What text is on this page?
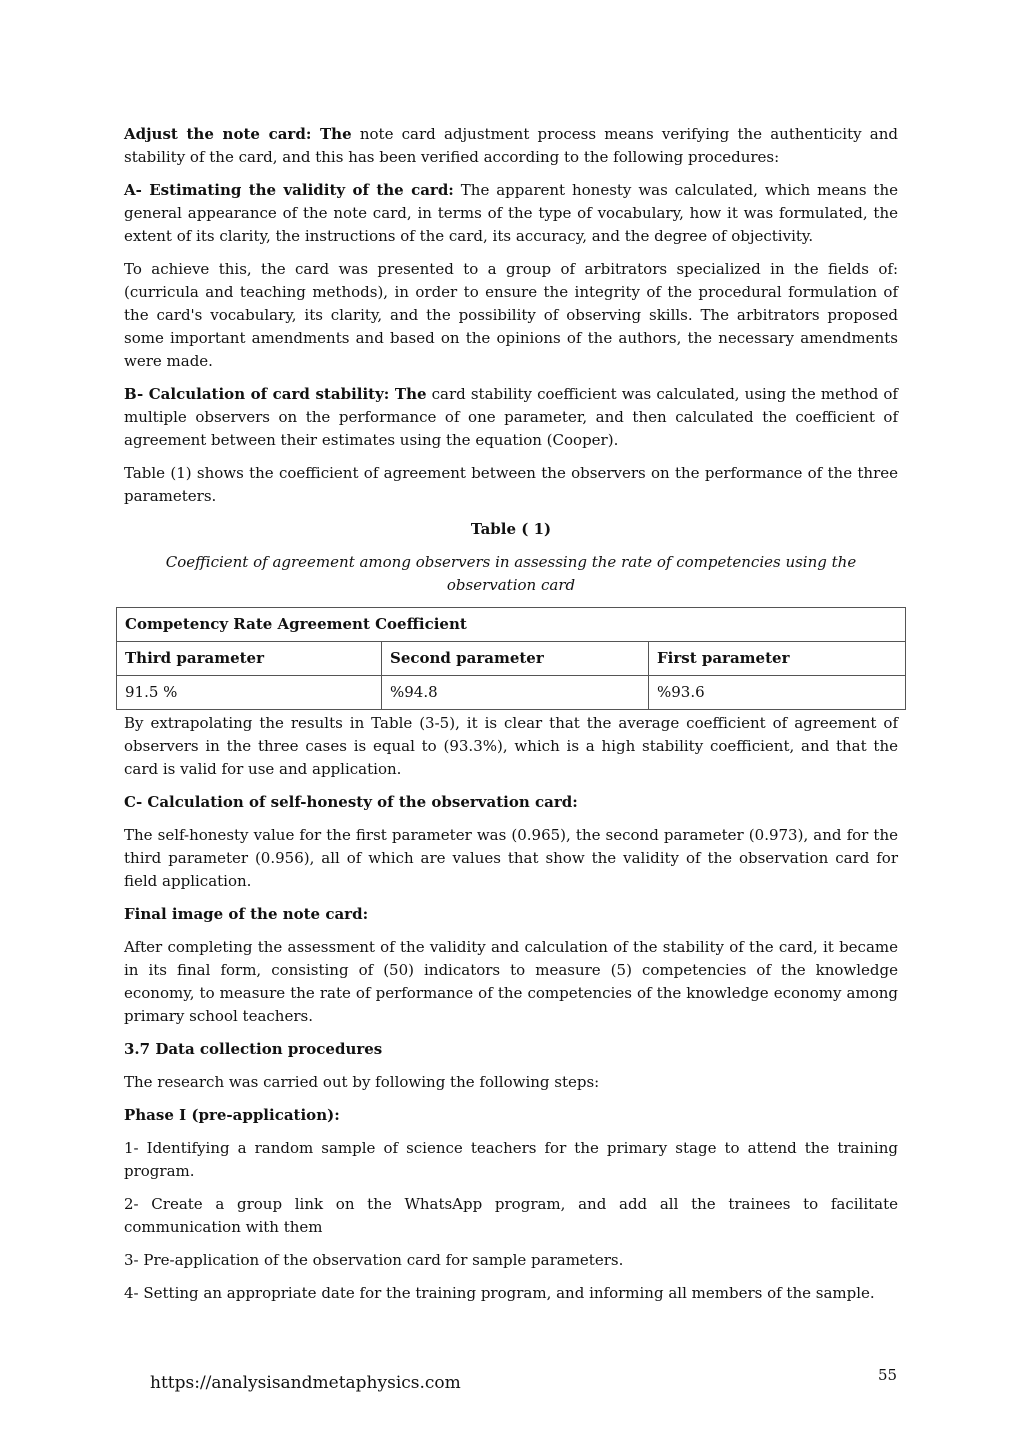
Adjust the note card: The note card adjustment process means verifying the authenticity and stability of the card, and this has been verified according to the following procedures:

A- Estimating the validity of the card: The apparent honesty was calculated, which means the general appearance of the note card, in terms of the type of vocabulary, how it was formulated, the extent of its clarity, the instructions of the card, its accuracy, and the degree of objectivity.

To achieve this, the card was presented to a group of arbitrators specialized in the fields of: (curricula and teaching methods), in order to ensure the integrity of the procedural formulation of the card's vocabulary, its clarity, and the possibility of observing skills. The arbitrators proposed some important amendments and based on the opinions of the authors, the necessary amendments were made.

B- Calculation of card stability: The card stability coefficient was calculated, using the method of multiple observers on the performance of one parameter, and then calculated the coefficient of agreement between their estimates using the equation (Cooper).

Table (1) shows the coefficient of agreement between the observers on the performance of the three parameters.

Table ( 1)

Coefficient of agreement among observers in assessing the rate of competencies using the observation card

Competency Rate Agreement Coefficient		
Third parameter	Second parameter	First parameter
91.5 %	%94.8	%93.6

By extrapolating the results in Table (3-5), it is clear that the average coefficient of agreement of observers in the three cases is equal to (93.3%), which is a high stability coefficient, and that the card is valid for use and application.

C- Calculation of self-honesty of the observation card:

The self-honesty value for the first parameter was (0.965), the second parameter (0.973), and for the third parameter (0.956), all of which are values that show the validity of the observation card for field application.

Final image of the note card:

After completing the assessment of the validity and calculation of the stability of the card, it became in its final form, consisting of (50) indicators to measure (5) competencies of the knowledge economy, to measure the rate of performance of the competencies of the knowledge economy among primary school teachers.

3.7 Data collection procedures

The research was carried out by following the following steps:

Phase I (pre-application):

1- Identifying a random sample of science teachers for the primary stage to attend the training program.

2- Create a group link on the WhatsApp program, and add all the trainees to facilitate communication with them

3- Pre-application of the observation card for sample parameters.

4- Setting an appropriate date for the training program, and informing all members of the sample.

https://analysisandmetaphysics.com	55
